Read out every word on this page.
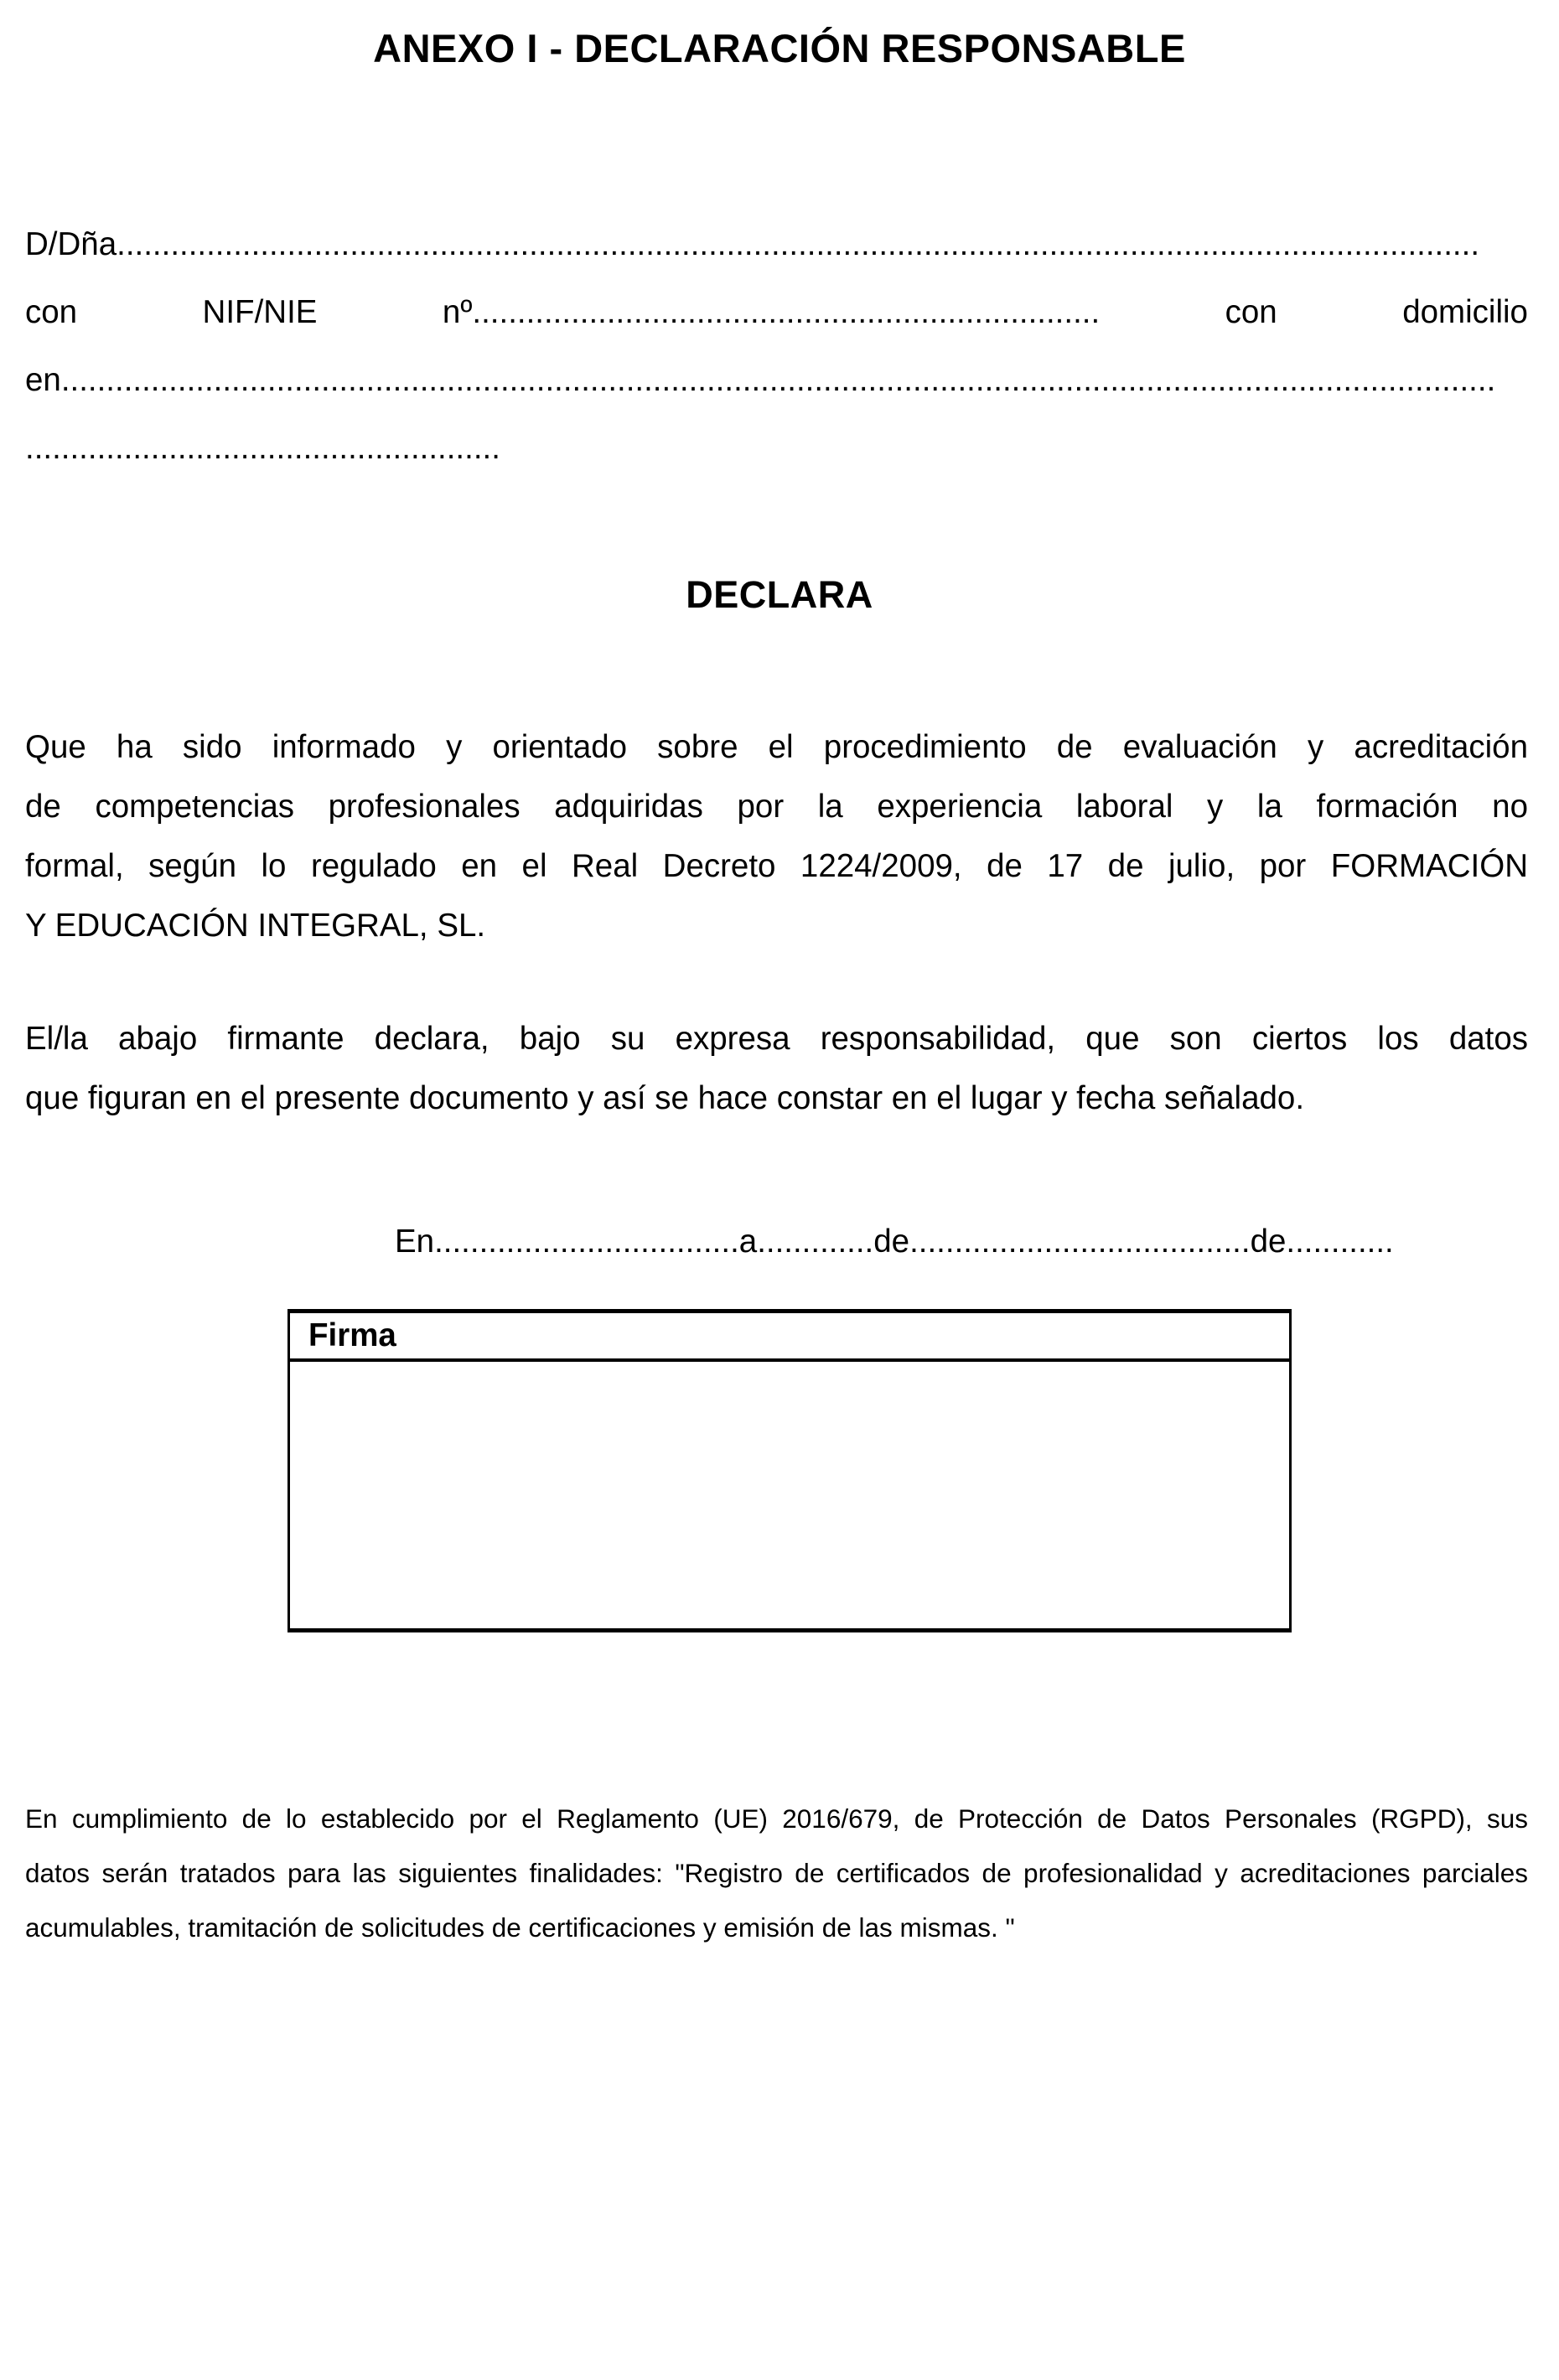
ANEXO I - DECLARACIÓN RESPONSABLE
D/Dña........................................................................................................................................................
con	NIF/NIE	nº......................................................................	con	domicilio
en................................................................................................................................................................
.....................................................
DECLARA
Que ha sido informado y orientado sobre el procedimiento de evaluación y acreditación
de competencias profesionales adquiridas por la experiencia laboral y la formación no
formal, según lo regulado en el Real Decreto 1224/2009, de 17 de julio, por FORMACIÓN
Y EDUCACIÓN INTEGRAL, SL.
El/la abajo firmante declara, bajo su expresa responsabilidad, que son ciertos los datos
que figuran en el presente documento y así se hace constar en el lugar y fecha señalado.
En..................................a.............de......................................de............
Firma
En cumplimiento de lo establecido por el Reglamento (UE) 2016/679, de Protección de Datos Personales (RGPD), sus
datos serán tratados para las siguientes finalidades: "Registro de certificados de profesionalidad y acreditaciones parciales
acumulables, tramitación de solicitudes de certificaciones y emisión de las mismas. "
